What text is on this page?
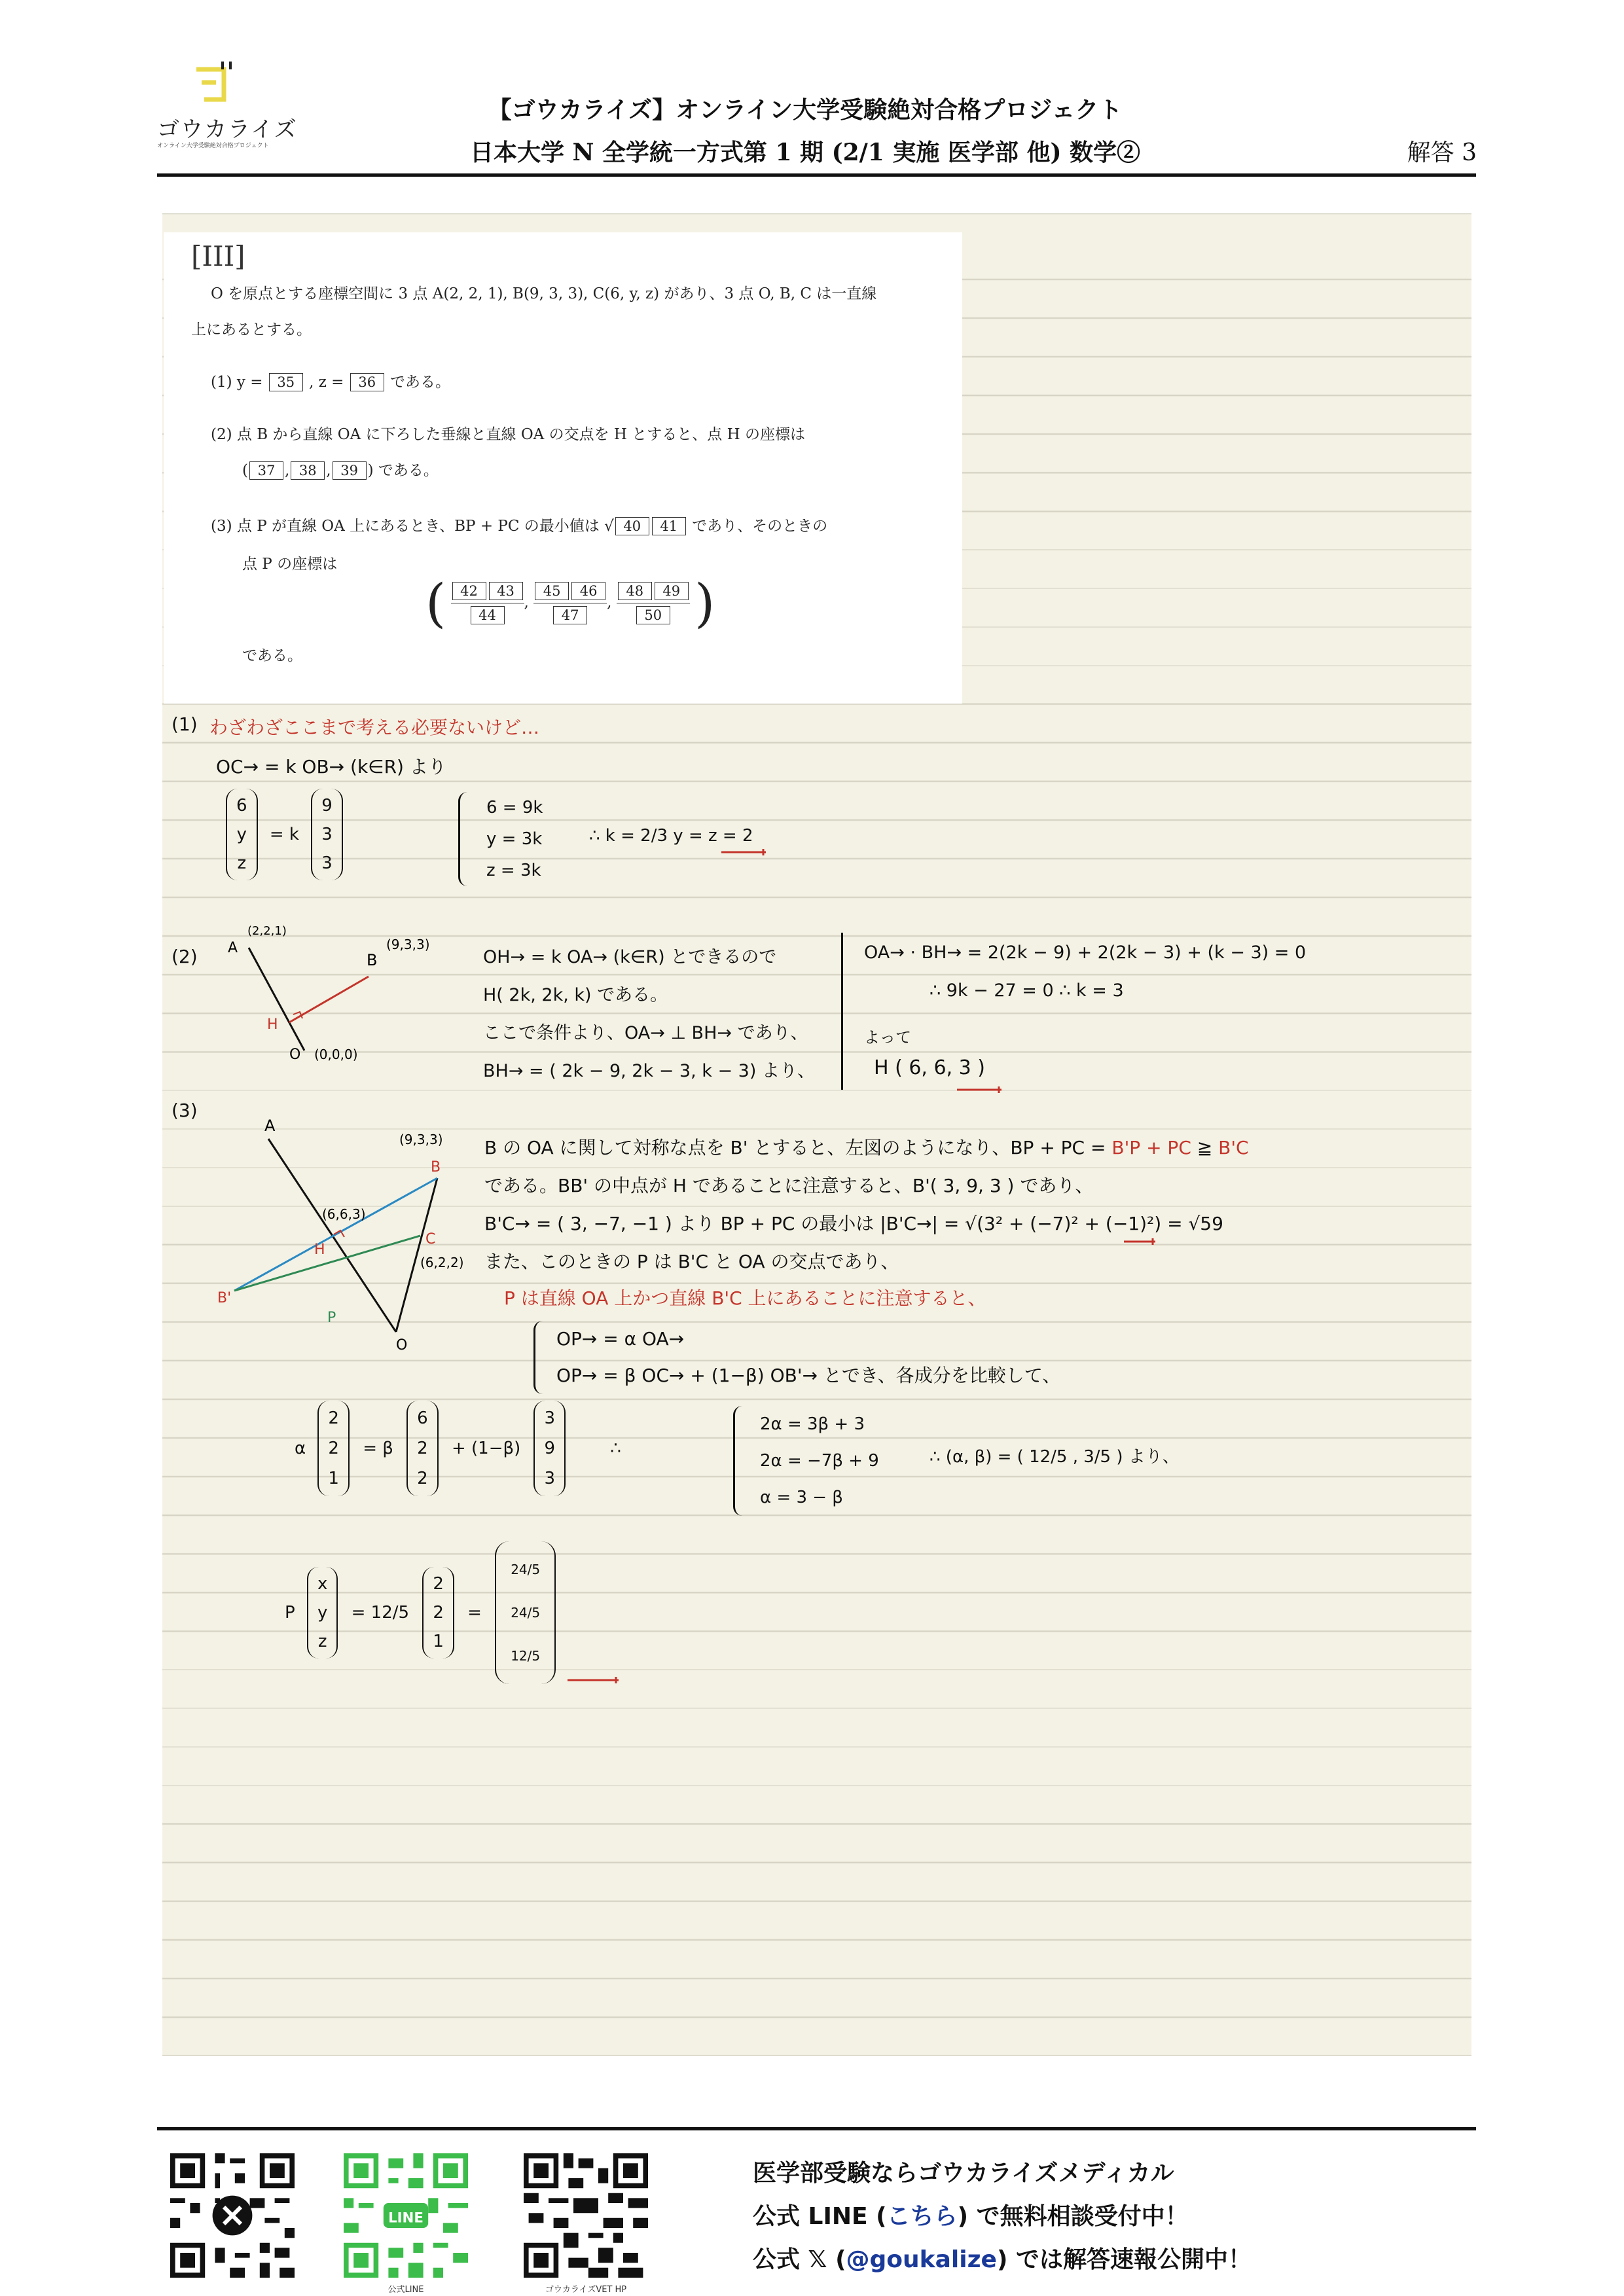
ゴウカライズ
オンライン大学受験絶対合格プロジェクト
【ゴウカライズ】オンライン大学受験絶対合格プロジェクト
日本大学 N 全学統一方式第 1 期 (2/1 実施 医学部 他) 数学②	解答 3
[III]
O を原点とする座標空間に 3 点 A(2, 2, 1), B(9, 3, 3), C(6, y, z) があり、3 点 O, B, C は一直線
上にあるとする。
(1) y = 35 , z = 36 である。
(2) 点 B から直線 OA に下ろした垂線と直線 OA の交点を H とすると、点 H の座標は
( 37 , 38 , 39 ) である。
(3) 点 P が直線 OA 上にあるとき、BP + PC の最小値は √ 40 41 であり、そのときの
点 P の座標は
( 42 43
44, 45 46
47, 48 49
50 )
である。
(1) わざわざここまで考える必要ないけど…
OC→ = k OB→ (k∈R) より
6
y
z
= k
9
3
3
6 = 9k
y = 3k
z = 3k
∴ k = 2/3 y = z = 2
(2) A
(2,2,1)
B
(9,3,3)
H
O (0,0,0)
OH→ = k OA→ (k∈R) とできるので
H( 2k, 2k, k) である。
ここで条件より、OA→ ⊥ BH→ であり、
BH→ = ( 2k − 9, 2k − 3, k − 3) より、
OA→ · BH→ = 2(2k − 9) + 2(2k − 3) + (k − 3) = 0
∴ 9k − 27 = 0 ∴ k = 3
よって
H ( 6, 6, 3 )
(3)
A
B
(9,3,3)
H
(6,6,3)
C
(6,2,2)
B'
P
O
B の OA に関して対称な点を B' とすると、左図のようになり、BP + PC = B'P + PC ≧ B'C
である。BB' の中点が H であることに注意すると、B'( 3, 9, 3 ) であり、
B'C→ = ( 3, −7, −1 ) より BP + PC の最小は |B'C→| = √(3² + (−7)² + (−1)²) = √59
また、このときの P は B'C と OA の交点であり、
P は直線 OA 上かつ直線 B'C 上にあることに注意すると、
OP→ = α OA→
OP→ = β OC→ + (1−β) OB'→ とでき、各成分を比較して、
α
2
2
1
= β
6
2
2
+ (1−β)
3
9
3
∴
2α = 3β + 3
2α = −7β + 9
α = 3 − β
∴ (α, β) = ( 12/5 , 3/5 ) より、
P
x
y
z
= 12/5
2
2
1
=
24/5
24/5
12/5
LINE
公式LINE	ゴウカライズVET HP
医学部受験ならゴウカライズメディカル
公式 LINE (こちら) で無料相談受付中！
公式 𝕏 (@goukalize) では解答速報公開中！
